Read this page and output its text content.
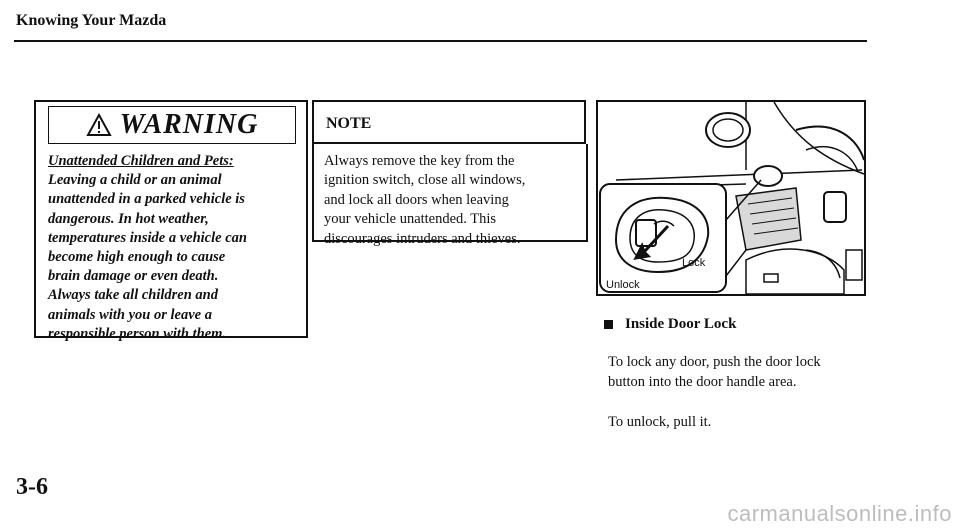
Knowing Your Mazda
WARNING
Unattended Children and Pets:
Leaving a child or an animal
unattended in a parked vehicle is
dangerous. In hot weather,
temperatures inside a vehicle can
become high enough to cause
brain damage or even death.
Always take all children and
animals with you or leave a
responsible person with them.
NOTE
Always remove the key from the
ignition switch, close all windows,
and lock all doors when leaving
your vehicle unattended. This
discourages intruders and thieves.
Lock
Unlock
Inside Door Lock
To lock any door, push the door lock
button into the door handle area.
To unlock, pull it.
3-6
carmanualsonline.info
